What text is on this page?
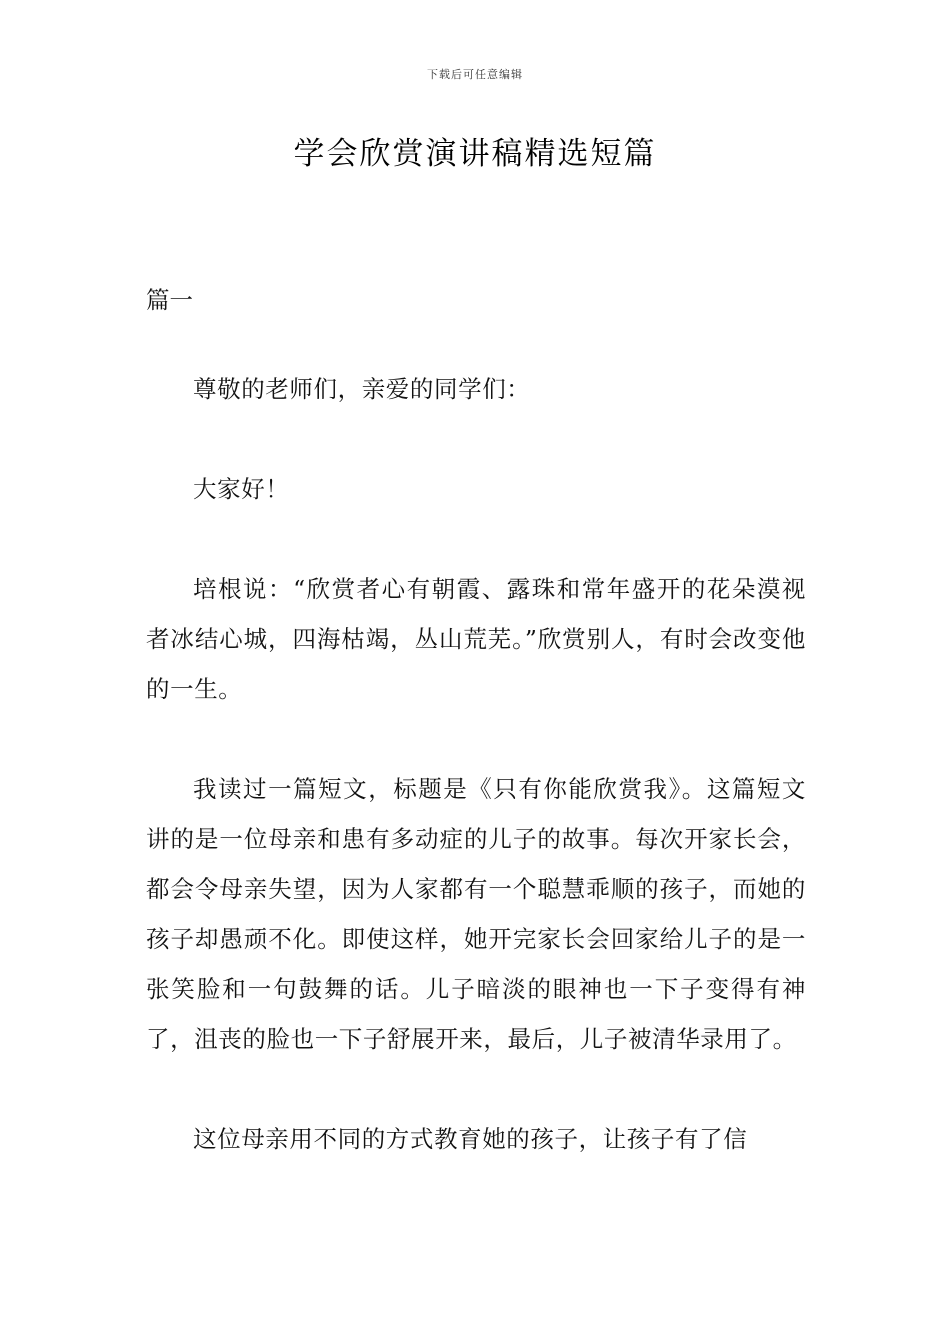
下载后可任意编辑
学会欣赏演讲稿精选短篇
篇一

尊敬的老师们，亲爱的同学们：

大家好！

培根说：“欣赏者心有朝霞、露珠和常年盛开的花朵漠视者冰结心城，四海枯竭，丛山荒芜。”欣赏别人，有时会改变他的一生。

我读过一篇短文，标题是《只有你能欣赏我》。这篇短文讲的是一位母亲和患有多动症的儿子的故事。每次开家长会，都会令母亲失望，因为人家都有一个聪慧乖顺的孩子，而她的孩子却愚顽不化。即使这样，她开完家长会回家给儿子的是一张笑脸和一句鼓舞的话。儿子暗淡的眼神也一下子变得有神了，沮丧的脸也一下子舒展开来，最后，儿子被清华录用了。

这位母亲用不同的方式教育她的孩子，让孩子有了信
